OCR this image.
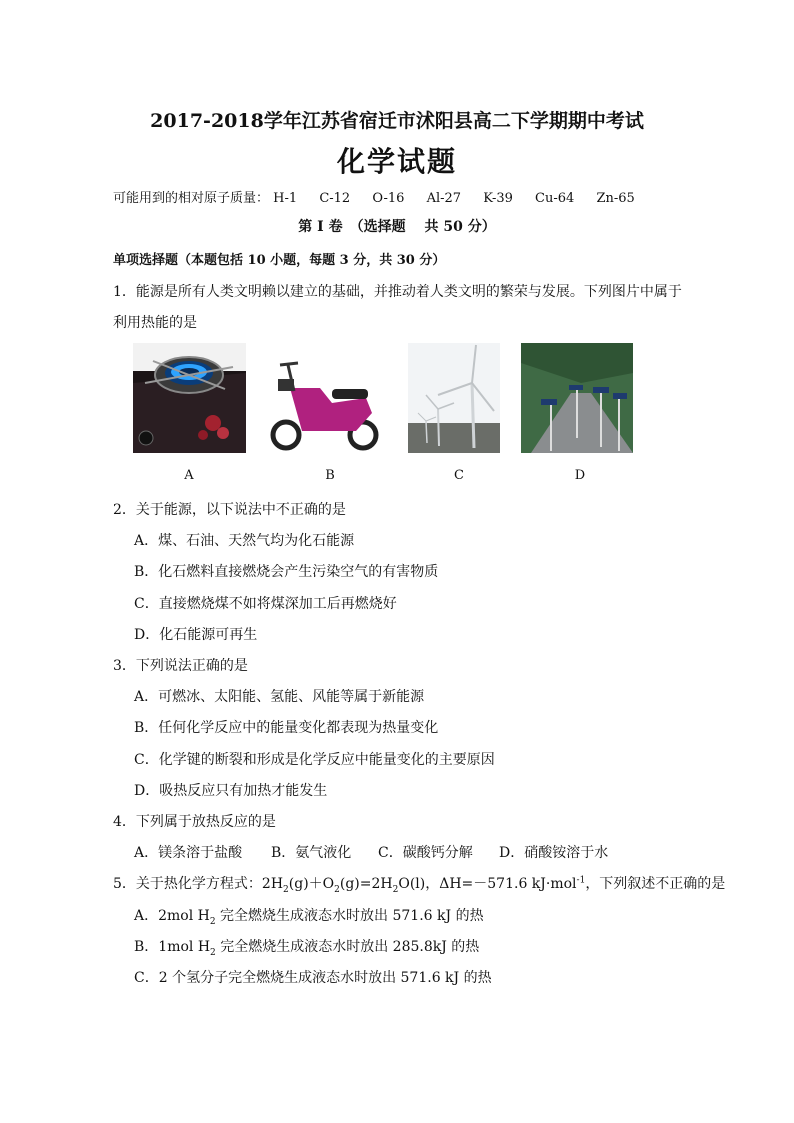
2017-2018学年江苏省宿迁市沭阳县高二下学期期中考试
化学试题
可能用到的相对原子质量： H-1 C-12 O-16 Al-27 K-39 Cu-64 Zn-65
第 Ⅰ 卷　（选择题　 共 50 分）
单项选择题（本题包括 10 小题，每题 3 分，共 30 分）
1．能源是所有人类文明赖以建立的基础，并推动着人类文明的繁荣与发展。下列图片中属于
利用热能的是
A	B	C	D
2．关于能源，以下说法中不正确的是
A．煤、石油、天然气均为化石能源
B．化石燃料直接燃烧会产生污染空气的有害物质
C．直接燃烧煤不如将煤深加工后再燃烧好
D．化石能源可再生
3．下列说法正确的是
A．可燃冰、太阳能、氢能、风能等属于新能源
B．任何化学反应中的能量变化都表现为热量变化
C．化学键的断裂和形成是化学反应中能量变化的主要原因
D．吸热反应只有加热才能发生
4．下列属于放热反应的是
A．镁条溶于盐酸 B．氨气液化 C．碳酸钙分解 D．硝酸铵溶于水
5．关于热化学方程式：$2H_2(g)+O_2(g)=2H_2O(l)$，ΔH=－571.6 kJ·mol$^{-1}$，下列叙述不正确的是
A．2mol $H_2$ 完全燃烧生成液态水时放出 571.6 kJ 的热
B．1mol $H_2$ 完全燃烧生成液态水时放出 285.8kJ 的热
C．2 个氢分子完全燃烧生成液态水时放出 571.6 kJ 的热
